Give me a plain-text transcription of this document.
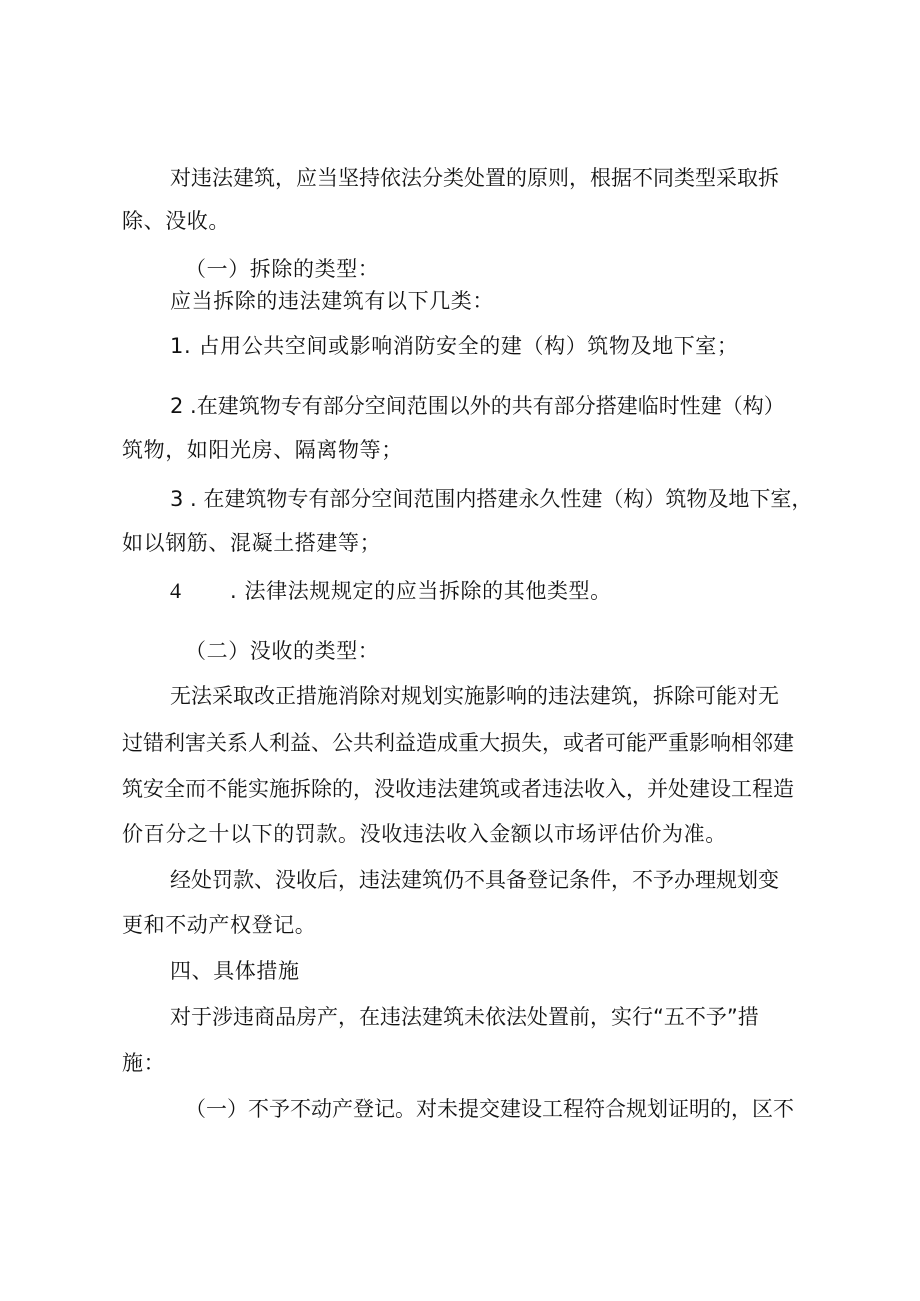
对违法建筑，应当坚持依法分类处置的原则，根据不同类型采取拆
除、没收。
（一）拆除的类型：
应当拆除的违法建筑有以下几类：
1. 占用公共空间或影响消防安全的建（构）筑物及地下室；
2 .在建筑物专有部分空间范围以外的共有部分搭建临时性建（构）
筑物，如阳光房、隔离物等；
3 . 在建筑物专有部分空间范围内搭建永久性建（构）筑物及地下室，
如以钢筋、混凝土搭建等；
4 . 法律法规规定的应当拆除的其他类型。
（二）没收的类型：
无法采取改正措施消除对规划实施影响的违法建筑，拆除可能对无
过错利害关系人利益、公共利益造成重大损失，或者可能严重影响相邻建
筑安全而不能实施拆除的，没收违法建筑或者违法收入，并处建设工程造
价百分之十以下的罚款。没收违法收入金额以市场评估价为准。
经处罚款、没收后，违法建筑仍不具备登记条件，不予办理规划变
更和不动产权登记。
四、具体措施
对于涉违商品房产，在违法建筑未依法处置前，实行“五不予”措
施：
（一）不予不动产登记。对未提交建设工程符合规划证明的，区不
